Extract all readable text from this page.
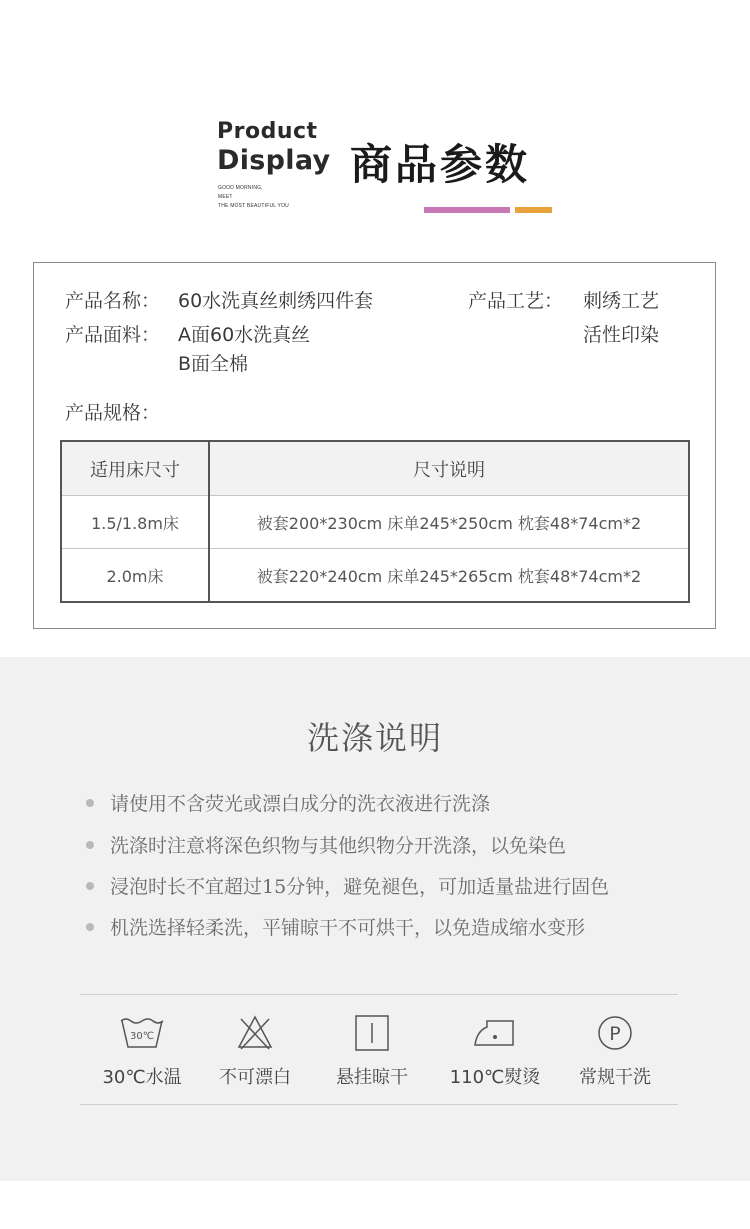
Product
Display
GOOD MORNING,
MEET
THE MOST BEAUTIFUL YOU
商品参数
产品名称： 60水洗真丝刺绣四件套	产品工艺： 刺绣工艺
活性印染
产品面料： A面60水洗真丝
B面全棉
产品规格：
适用床尺寸	尺寸说明
1.5/1.8m床	被套200*230cm 床单245*250cm 枕套48*74cm*2
2.0m床	被套220*240cm 床单245*265cm 枕套48*74cm*2
洗涤说明
请使用不含荧光或漂白成分的洗衣液进行洗涤
洗涤时注意将深色织物与其他织物分开洗涤，以免染色
浸泡时长不宜超过15分钟，避免褪色，可加适量盐进行固色
机洗选择轻柔洗，平铺晾干不可烘干，以免造成缩水变形
30℃
30℃水温	不可漂白	悬挂晾干	110℃熨烫
P
常规干洗
